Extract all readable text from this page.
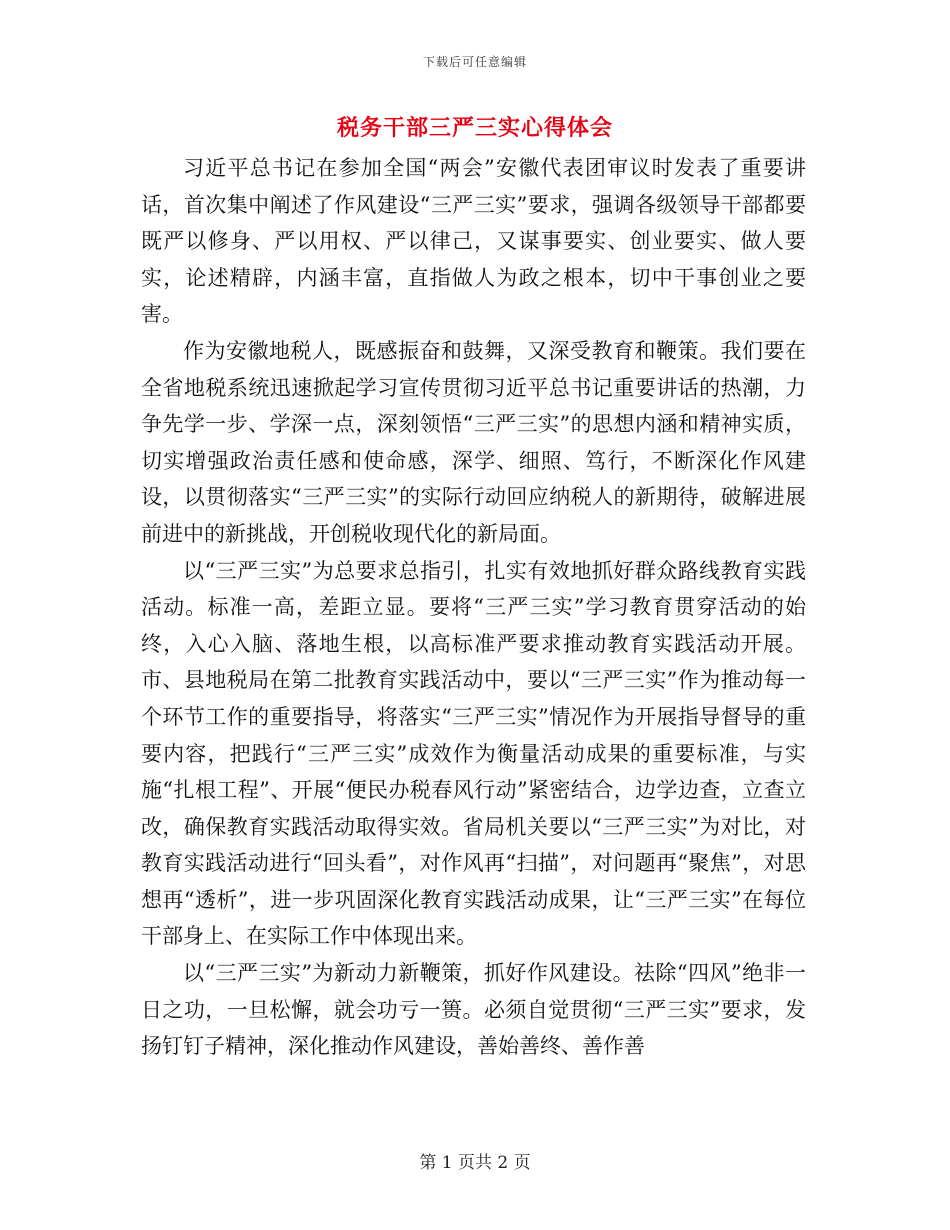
下载后可任意编辑
税务干部三严三实心得体会

习近平总书记在参加全国“两会”安徽代表团审议时发表了重要讲话，首次集中阐述了作风建设“三严三实”要求，强调各级领导干部都要既严以修身、严以用权、严以律己，又谋事要实、创业要实、做人要实，论述精辟，内涵丰富，直指做人为政之根本，切中干事创业之要害。

作为安徽地税人，既感振奋和鼓舞，又深受教育和鞭策。我们要在全省地税系统迅速掀起学习宣传贯彻习近平总书记重要讲话的热潮，力争先学一步、学深一点，深刻领悟“三严三实”的思想内涵和精神实质，切实增强政治责任感和使命感，深学、细照、笃行，不断深化作风建设，以贯彻落实“三严三实”的实际行动回应纳税人的新期待，破解进展前进中的新挑战，开创税收现代化的新局面。

以“三严三实”为总要求总指引，扎实有效地抓好群众路线教育实践活动。标准一高，差距立显。要将“三严三实”学习教育贯穿活动的始终，入心入脑、落地生根，以高标准严要求推动教育实践活动开展。市、县地税局在第二批教育实践活动中，要以“三严三实”作为推动每一个环节工作的重要指导，将落实“三严三实”情况作为开展指导督导的重要内容，把践行“三严三实”成效作为衡量活动成果的重要标准，与实施“扎根工程”、开展“便民办税春风行动”紧密结合，边学边查，立查立改，确保教育实践活动取得实效。省局机关要以“三严三实”为对比，对教育实践活动进行“回头看”，对作风再“扫描”，对问题再“聚焦”，对思想再“透析”，进一步巩固深化教育实践活动成果，让“三严三实”在每位干部身上、在实际工作中体现出来。

以“三严三实”为新动力新鞭策，抓好作风建设。祛除“四风”绝非一日之功，一旦松懈，就会功亏一篑。必须自觉贯彻“三严三实”要求，发扬钉钉子精神，深化推动作风建设，善始善终、善作善

第 1 页共 2 页
